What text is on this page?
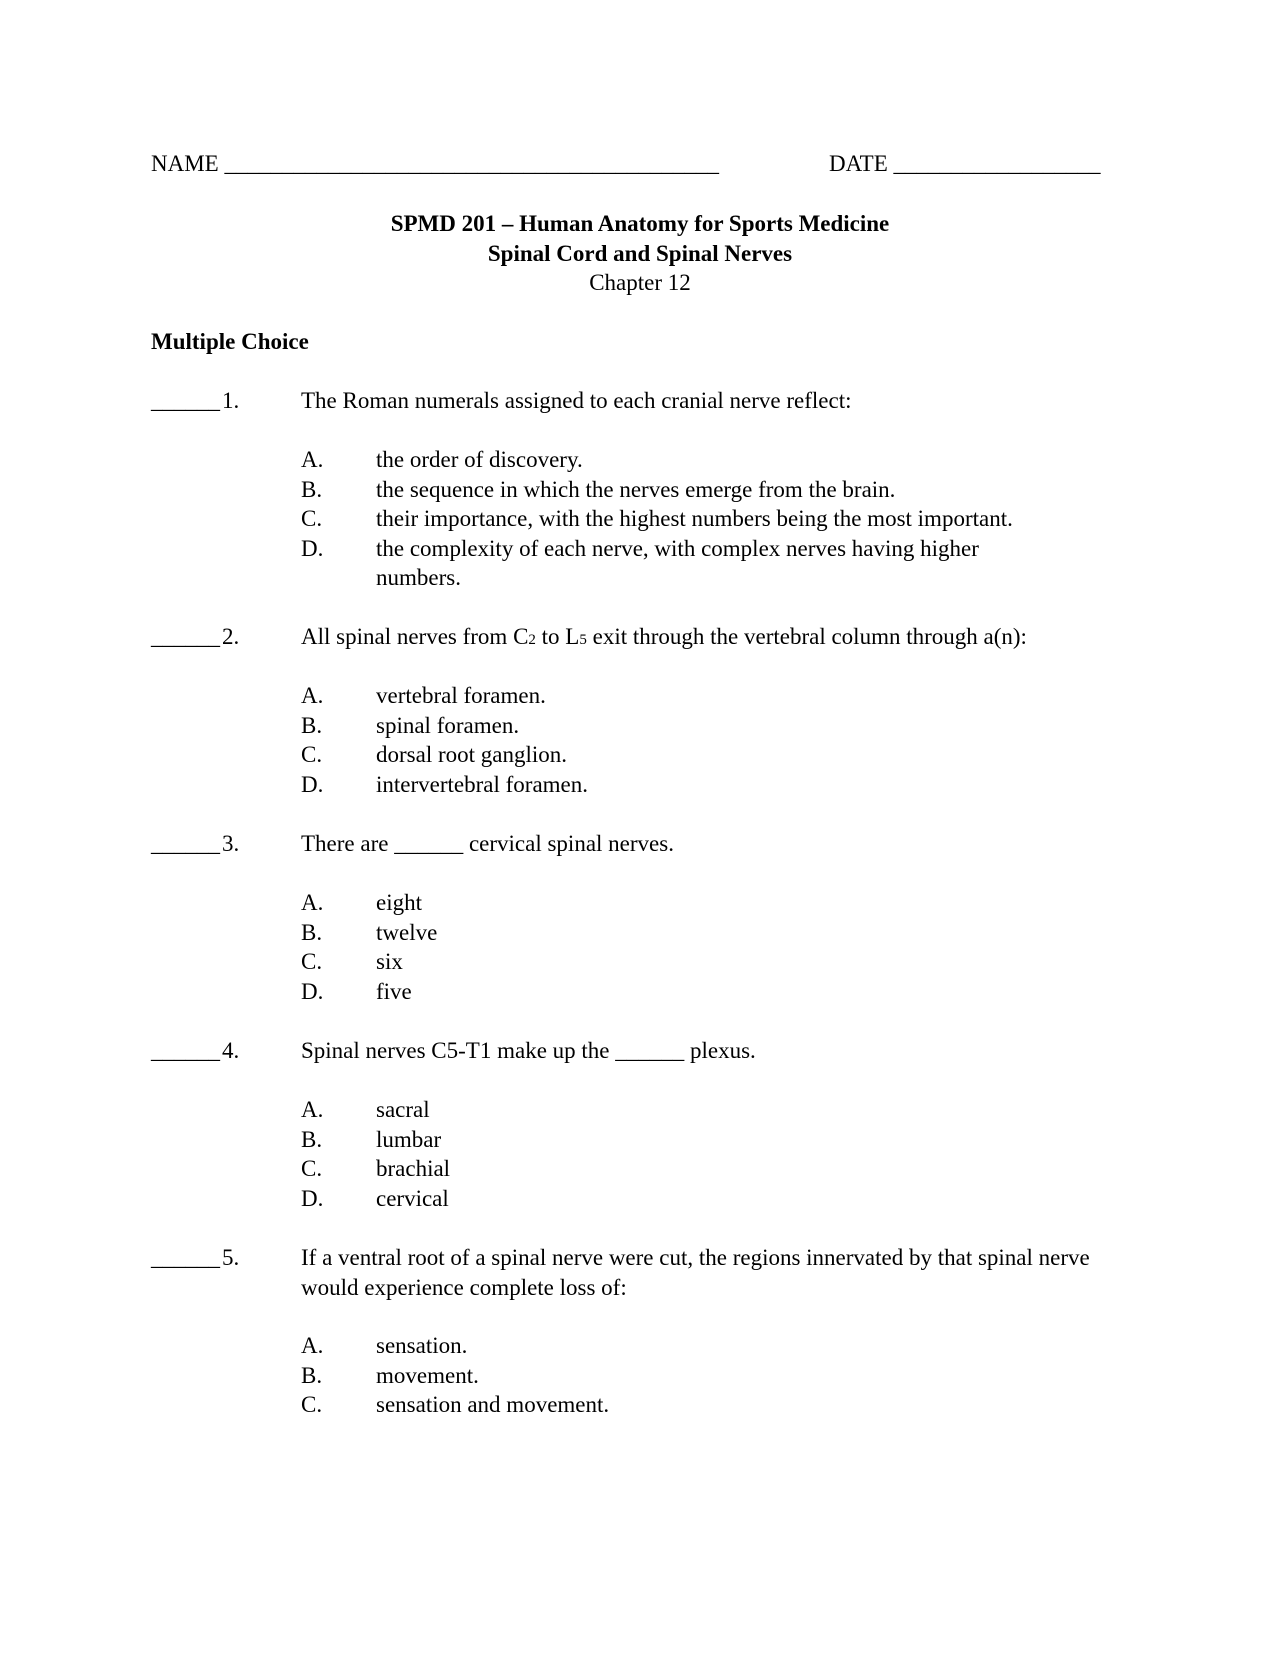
NAME ___________________________________________	DATE __________________
SPMD 201 – Human Anatomy for Sports Medicine
Spinal Cord and Spinal Nerves
Chapter 12
Multiple Choice
______ 1.	The Roman numerals assigned to each cranial nerve reflect:
A. the order of discovery.
B. the sequence in which the nerves emerge from the brain.
C. their importance, with the highest numbers being the most important.
D. the complexity of each nerve, with complex nerves having higher numbers.
______ 2.	All spinal nerves from C2 to L5 exit through the vertebral column through a(n):
A. vertebral foramen.
B. spinal foramen.
C. dorsal root ganglion.
D. intervertebral foramen.
______ 3.	There are ______ cervical spinal nerves.
A. eight
B. twelve
C. six
D. five
______ 4.	Spinal nerves C5-T1 make up the ______ plexus.
A. sacral
B. lumbar
C. brachial
D. cervical
______ 5.	If a ventral root of a spinal nerve were cut, the regions innervated by that spinal nerve would experience complete loss of:
A. sensation.
B. movement.
C. sensation and movement.
